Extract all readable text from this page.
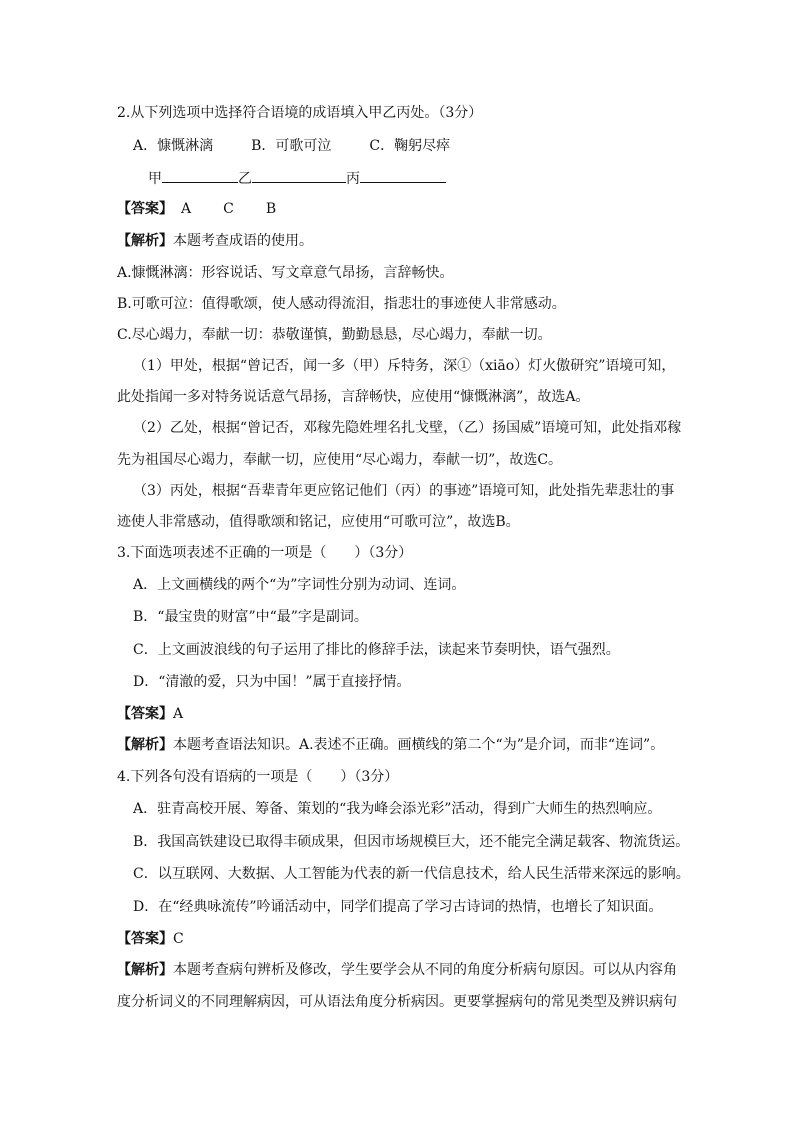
2.从下列选项中选择符合语境的成语填入甲乙丙处。（3分）
A．慷慨淋漓	B．可歌可泣	C．鞠躬尽瘁
甲	乙	丙
【答案】 A C B
【解析】本题考查成语的使用。
A.慷慨淋漓：形容说话、写文章意气昂扬，言辞畅快。
B.可歌可泣：值得歌颂，使人感动得流泪，指悲壮的事迹使人非常感动。
C.尽心竭力，奉献一切：恭敬谨慎，勤勤恳恳，尽心竭力，奉献一切。
（1）甲处，根据“曾记否，闻一多（甲）斥特务，深①（xiāo）灯火傲研究”语境可知，
此处指闻一多对特务说话意气昂扬，言辞畅快，应使用“慷慨淋漓”，故选A。
（2）乙处，根据“曾记否，邓稼先隐姓埋名扎戈壁，（乙）扬国威”语境可知，此处指邓稼
先为祖国尽心竭力，奉献一切，应使用“尽心竭力，奉献一切”，故选C。
（3）丙处，根据“吾辈青年更应铭记他们（丙）的事迹”语境可知，此处指先辈悲壮的事
迹使人非常感动，值得歌颂和铭记，应使用“可歌可泣”，故选B。
3.下面选项表述不正确的一项是（　　）（3分）
A．上文画横线的两个“为”字词性分别为动词、连词。
B．“最宝贵的财富”中“最”字是副词。
C．上文画波浪线的句子运用了排比的修辞手法，读起来节奏明快，语气强烈。
D．“清澈的爱，只为中国！”属于直接抒情。
【答案】A
【解析】本题考查语法知识。A.表述不正确。画横线的第二个“为”是介词，而非“连词”。
4.下列各句没有语病的一项是（　　）（3分）
A．驻青高校开展、筹备、策划的“我为峰会添光彩”活动，得到广大师生的热烈响应。
B．我国高铁建设已取得丰硕成果，但因市场规模巨大，还不能完全满足载客、物流货运。
C．以互联网、大数据、人工智能为代表的新一代信息技术，给人民生活带来深远的影响。
D．在“经典咏流传”吟诵活动中，同学们提高了学习古诗词的热情，也增长了知识面。
【答案】C
【解析】本题考查病句辨析及修改，学生要学会从不同的角度分析病句原因。可以从内容角
度分析词义的不同理解病因，可从语法角度分析病因。更要掌握病句的常见类型及辨识病句
